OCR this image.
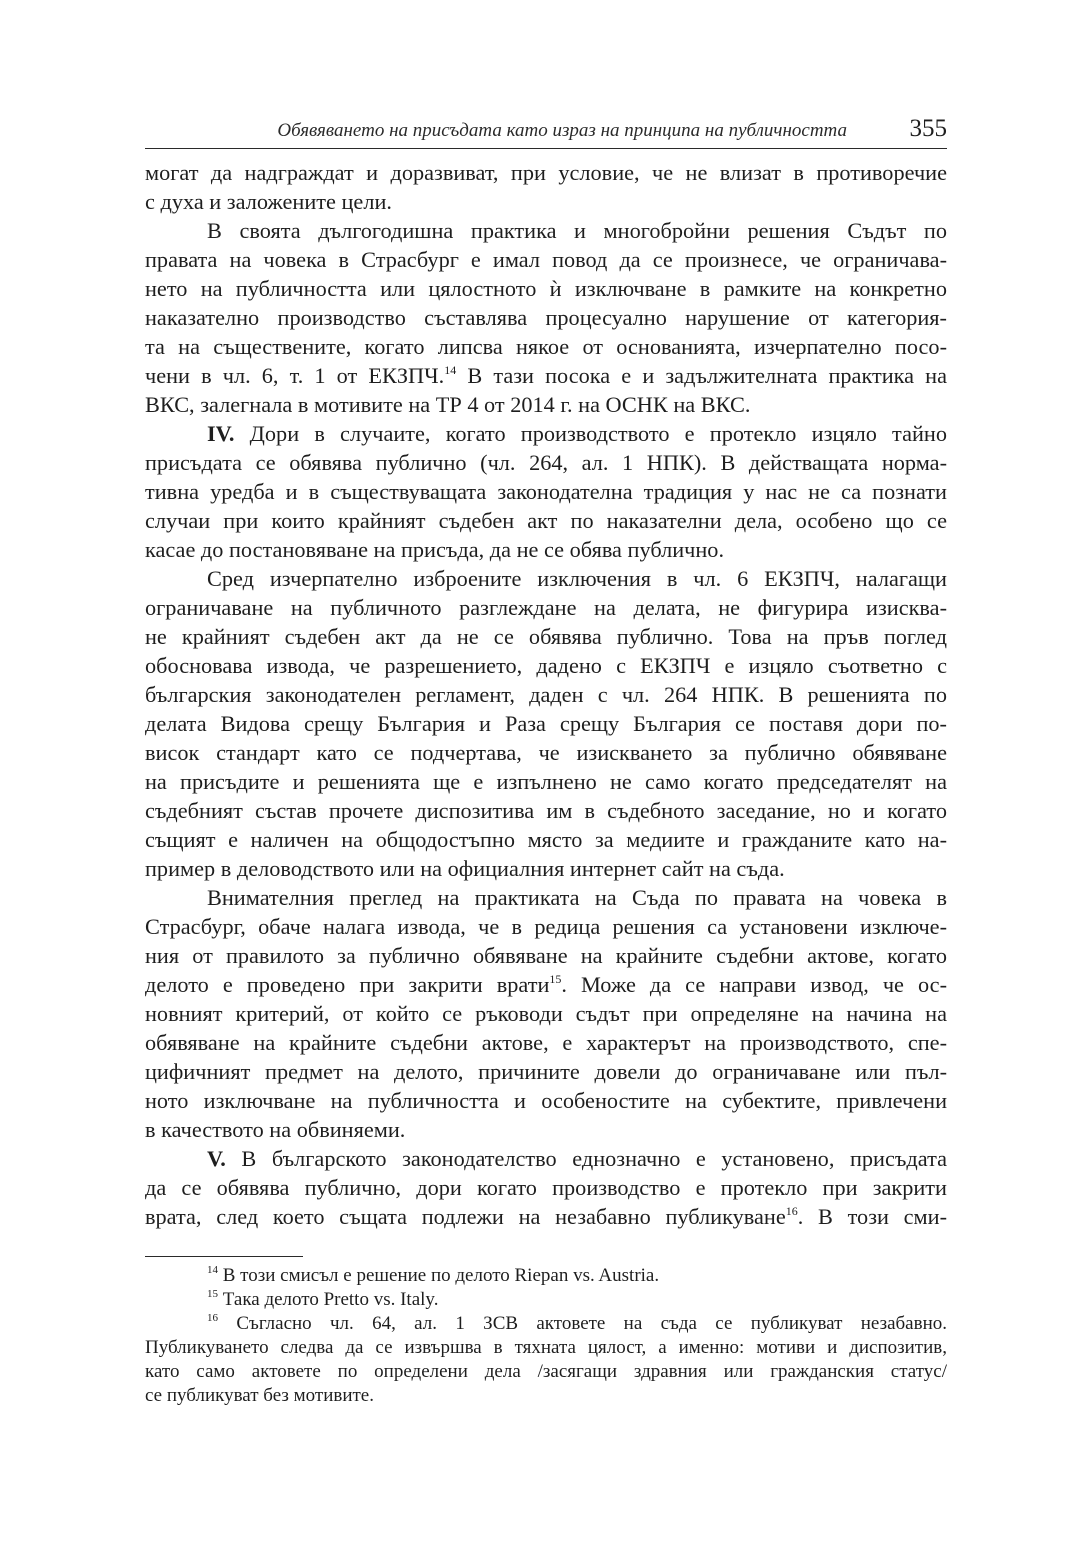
Обявяването на присъдата като израз на принципа на публичността	355
могат да надграждат и доразвиват, при условие, че не влизат в противоречие
с духа и заложените цели.
В своята дългогодишна практика и многобройни решения Съдът по
правата на човека в Страсбург е имал повод да се произнесе, че ограничава-
нето на публичността или цялостното ѝ изключване в рамките на конкретно
наказателно производство съставлява процесуално нарушение от категория-
та на съществените, когато липсва някое от основанията, изчерпателно посо-
чени в чл. 6, т. 1 от ЕКЗПЧ.$^{14}$ В тази посока е и задължителната практика на
ВКС, залегнала в мотивите на ТР 4 от 2014 г. на ОСНК на ВКС.
IV. Дори в случаите, когато производството е протекло изцяло тайно
присъдата се обявява публично (чл. 264, ал. 1 НПК). В действащата норма-
тивна уредба и в съществуващата законодателна традиция у нас не са познати
случаи при които крайният съдебен акт по наказателни дела, особено що се
касае до постановяване на присъда, да не се обява публично.
Сред изчерпателно изброените изключения в чл. 6 ЕКЗПЧ, налагащи
ограничаване на публичното разглеждане на делата, не фигурира изисква-
не крайният съдебен акт да не се обявява публично. Това на пръв поглед
обосновава извода, че разрешението, дадено с ЕКЗПЧ е изцяло съответно с
българския законодателен регламент, даден с чл. 264 НПК. В решенията по
делата Видова срещу България и Раза срещу България се поставя дори по-
висок стандарт като се подчертава, че изискването за публично обявяване
на присъдите и решенията ще е изпълнено не само когато председателят на
съдебният състав прочете диспозитива им в съдебното заседание, но и когато
същият е наличен на общодостъпно място за медиите и гражданите като на-
пример в деловодството или на официалния интернет сайт на съда.
Внимателния преглед на практиката на Съда по правата на човека в
Страсбург, обаче налага извода, че в редица решения са установени изключе-
ния от правилото за публично обявяване на крайните съдебни актове, когато
делото е проведено при закрити врати$^{15}$. Може да се направи извод, че ос-
новният критерий, от който се ръководи съдът при определяне на начина на
обявяване на крайните съдебни актове, е характерът на производството, спе-
цифичният предмет на делото, причините довели до ограничаване или пъл-
ното изключване на публичността и особеностите на субектите, привлечени
в качеството на обвиняеми.
V. В българското законодателство еднозначно е установено, присъдата
да се обявява публично, дори когато производство е протекло при закрити
врата, след което същата подлежи на незабавно публикуване$^{16}$. В този сми-
$^{14}$ В този смисъл е решение по делото Riepan vs. Austria.
$^{15}$ Така делото Pretto vs. Italy.
$^{16}$ Съгласно чл. 64, ал. 1 ЗСВ актовете на съда се публикуват незабавно.
Публикуването следва да се извършва в тяхната цялост, а именно: мотиви и диспозитив,
като само актовете по определени дела /засягащи здравния или гражданския статус/
се публикуват без мотивите.
